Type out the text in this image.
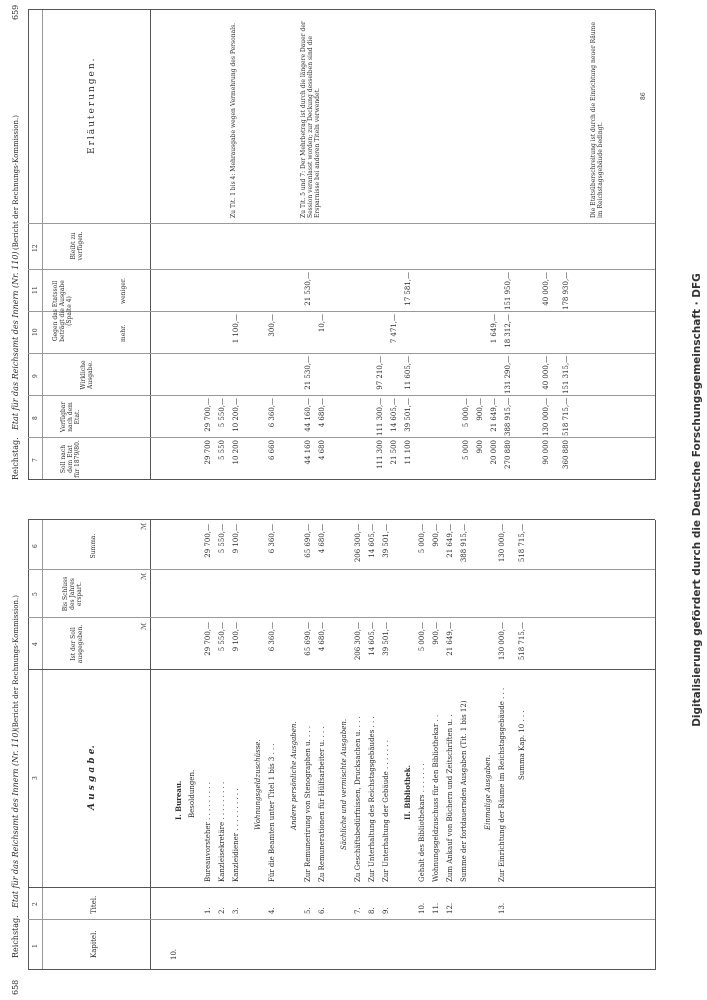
658
Reichstag.
Etat für das Reichsamt des Innern (Nr. 110)
(Bericht der Rechnungs-Kommission.)
1
2
3
4
5
6
Kapitel.
Titel.
A u s g a b e.
Ist der Soll ausgegeben.
Bis Schluss des Jahres erspart.
Summa.
ℳ
ℳ
ℳ
10.
I. Bureau. Besoldungen.
1.
Bureauvorsteher . . . . . . . . .
29 700,—
29 700,—
2.
Kanzleisekretäre . . . . . . . . .
5 550,—
5 550,—
3.
Kanzleidiener . . . . . . . . . .
9 100,—
9 100,—
Wohnungsgeldzuschüsse.
4.
Für die Beamten unter Titel 1 bis 3 . . .
6 360,—
6 360,—
Andere persönliche Ausgaben.
5.
Zur Remunerirung von Stenographen u. . . .
65 690,—
65 690,—
6.
Zu Remunerationen für Hülfsarbeiter u. . . .
4 680,—
4 680,—
Sächliche und vermischte Ausgaben.
7.
Zu Geschäftsbedürfnissen, Drucksachen u. . . .
206 300,—
206 300,—
8.
Zur Unterhaltung des Reichstagsgebäudes . . .
14 605,—
14 605,—
9.
Zur Unterhaltung der Gebäude . . . . . . .
39 501,—
39 501,—
II. Bibliothek.
10.
Gehalt des Bibliothekars . . . . . . .
5 000,—
5 000,—
11.
Wohnungsgeldzuschuss für den Bibliothekar . .
900,—
900,—
12.
Zum Ankauf von Büchern und Zeitschriften u. .
21 649,—
21 649,—
Summe der fortdauernden Ausgaben (Tit. 1 bis 12)
388 915,—
Einmalige Ausgaben.
13.
Zur Einrichtung der Räume im Reichstagsgebäude . . .
130 000,—
130 000,—
Summa Kap. 10 . . .
518 715,—
518 715,—
659
Reichstag.
Etat für das Reichsamt des Innern (Nr. 110)
(Bericht der Rechnungs-Kommission.)
7
8
9
10
11
12
Soll nach dem Etat für 1879/80.
Verfügbar nach dem Etat.
Wirkliche Ausgabe.
Gegen das Etatssoll beträgt die Ausgabe (Spalte 4)
mehr.
weniger.
Bleibt zu verfügen.
Erläuterungen.
29 700
29 700,—
5 550
5 550,—
10 200
10 200,—
1 100,—
6 660
6 360,—
300,—
44 160
44 160,—
21 530,—
21 530,—
4 680
4 680,—
10,—
111 300
111 300,—
97 210,—
21 500
14 605,—
7 471,—
11 100
39 501,—
11 605,—
17 581,—
5 000
5 000,—
900
900,—
20 000
21 649,—
1 649,—
270 880
388 915,—
131 290,—
18 312,—
151 950,—
90 000
130 000,—
40 000,—
40 000,—
360 880
518 715,—
151 315,—
178 930,—
Zu Tit. 1 bis 4: Mehrausgabe wegen Vermehrung des Personals.	Zu Tit. 5 und 7: Der Mehrbetrag ist durch die längere Dauer der Session veranlasst worden; zur Deckung desselben sind die Ersparnisse bei anderen Titeln verwendet.	Die Etatsüberschreitung ist durch die Einrichtung neuer Räume im Reichstagsgebäude bedingt.
86
Digitalisierung gefördert durch die Deutsche Forschungsgemeinschaft · DFG
